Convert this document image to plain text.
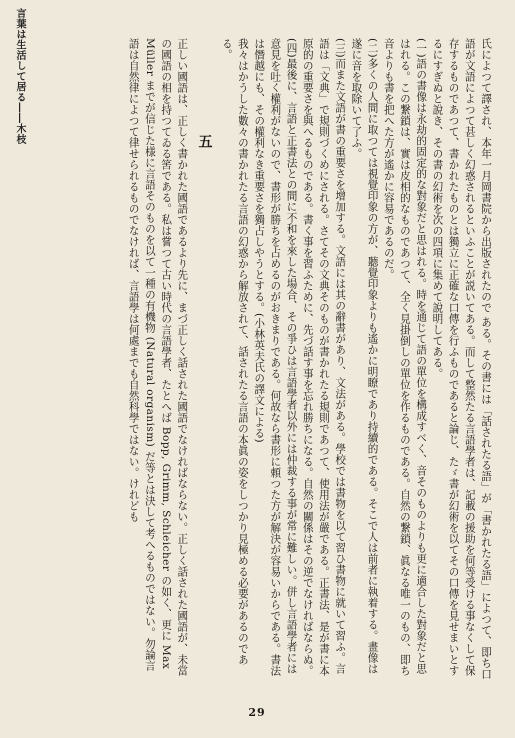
言葉は生活して居る――木枝	氏によつて譯され、本年一月岡書院から出版されたので ある。その書には「話されたる語」が「書かれたる語」によつて、即ち口語が文語によつて甚しく幻惑されるといふことが説いてある。而して整然たる言語學者は、記載の援助を何等受ける事なくして保存するものであつて、書かれたものとは獨立に正確な口傳を行ふものであると論じ、たゞ書が幻術を以てその口傳を見せまいとするにすぎぬと說き、その書の幻術を次の四項に集めて說明してある。

(一)語の書像は永劫的固定的な對象だと思はれる。時を通じて語の單位を構成すべく、音そのものよりも更に適合した對象だと思はれる。この繋鎖は、實は皮相的なものであつて、全く見掛倒しの單位を作るものである。自然の繋鎖、眞なる唯一のもの、即ち音よりも書を把へた方が遙かに容易であるのだ。

(二)多くの人間に取つては視覺印象の方が、聽覺印象よりも遙かに明瞭であり持續的である。そこで人は前者に執着する。畫像は遂に音を取除いて了ふ。

(三)而また文語が書の重要さを增加する。文語には其の辭書があり、文法がある。學校では書物を以て習ひ書物に就いて習ふ。言語は「文典」で規則づくめにされる。さてその文典そのものが書かれたる規則であつて、使用法が嚴である。正書法、是が書に本原的の重要さを與へるものである。書く事を習ふために、先づ話す事を忘れ勝ちになる。自然の關係はその逆でなければならぬ。

(四)最後に、言語と正書法との間に不和を來した場合、その爭ひは言語學者以外には仲裁する事が常に難しい。併し言語學者には意見を吐く權利がないので、書形が勝ちを占めるのがおきまりである。何故なら書形に頼つた方が解決が容易いからである。書法は僭越にも、その權利なき重要さを獨占しやうとする。(小林英夫氏の譯文による)

我々はかうした數々の書かれたる言語の幻惑から解放されて、話されたる言語の本眞の姿をしつかり見極める必要があるのである。

五

正しい國語は、正しく書かれた國語であるより先に、まづ正しく話された國語でなければならない。正しく話された國語が、未當の國語の相を持つてゐる筈である。私は嘗つて古い時代の言語學者、たとへば Bopp, Grimm, Schleicher の如く、更に Max Müller までが信じた様に言語そのものを以て一種の有機物 (Natural organism) だ等とは決して考へるものではない。勿論言語は自然律によつて律せられるものでなければ、言語學は何處までも自然科學ではない。けれども

29
